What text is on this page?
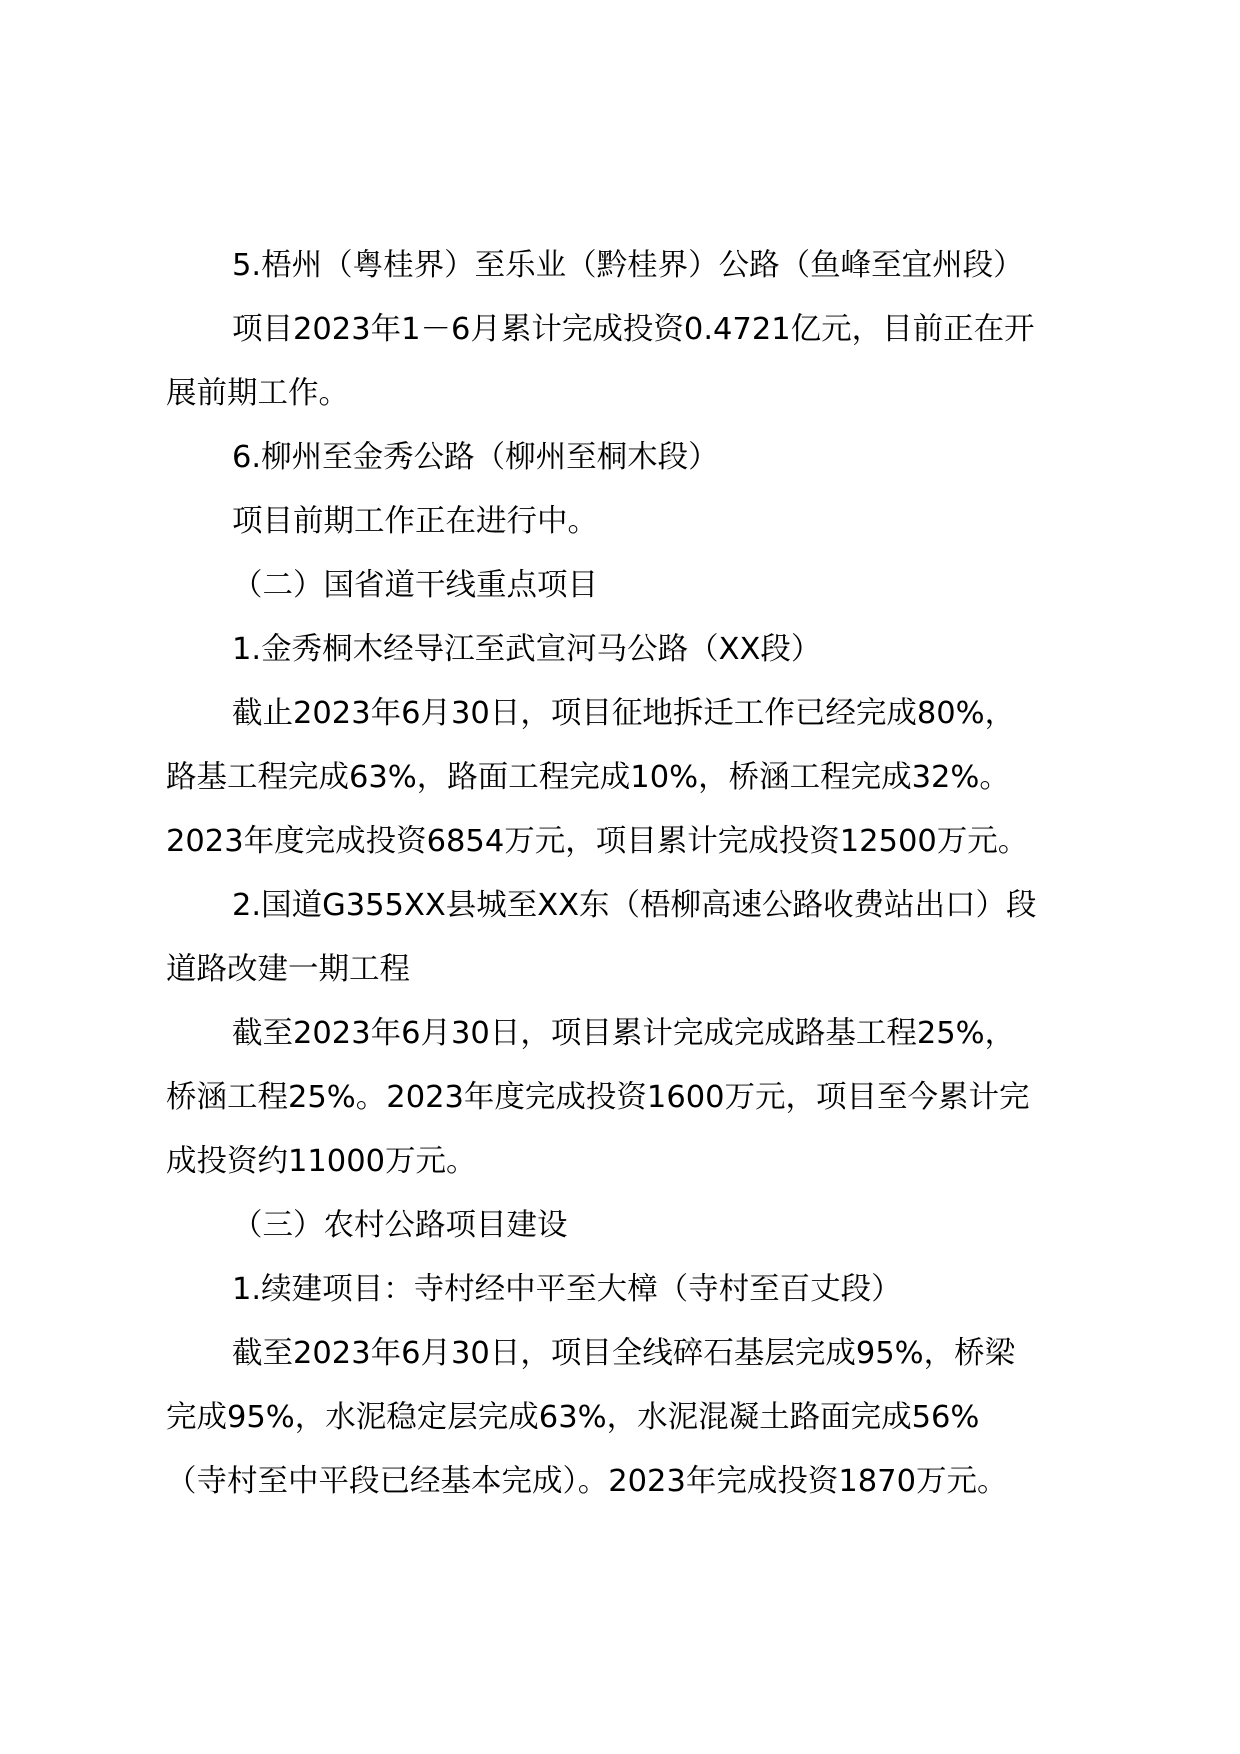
5.梧州（粤桂界）至乐业（黔桂界）公路（鱼峰至宜州段）
项目2023年1－6月累计完成投资0.4721亿元，目前正在开
展前期工作。
6.柳州至金秀公路（柳州至桐木段）
项目前期工作正在进行中。
（二）国省道干线重点项目
1.金秀桐木经导江至武宣河马公路（XX段）
截止2023年6月30日，项目征地拆迁工作已经完成80%，
路基工程完成63%，路面工程完成10%，桥涵工程完成32%。
2023年度完成投资6854万元，项目累计完成投资12500万元。
2.国道G355XX县城至XX东（梧柳高速公路收费站出口）段
道路改建一期工程
截至2023年6月30日，项目累计完成完成路基工程25%，
桥涵工程25%。2023年度完成投资1600万元，项目至今累计完
成投资约11000万元。
（三）农村公路项目建设
1.续建项目：寺村经中平至大樟（寺村至百丈段）
截至2023年6月30日，项目全线碎石基层完成95%，桥梁
完成95%，水泥稳定层完成63%，水泥混凝土路面完成56%
（寺村至中平段已经基本完成）。2023年完成投资1870万元。
